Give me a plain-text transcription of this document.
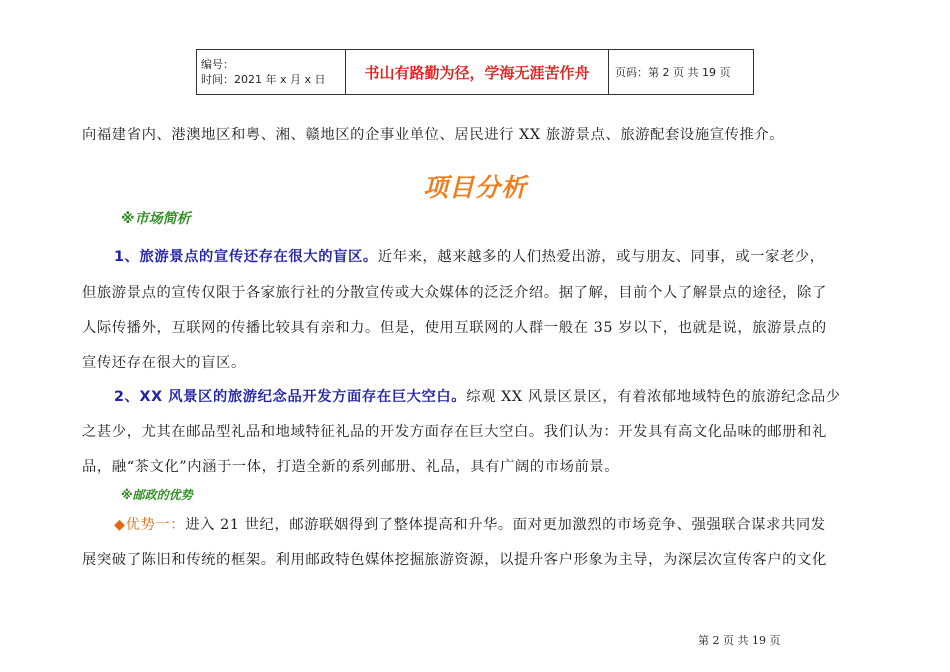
编号：
时间：2021 年 x 月 x 日	书山有路勤为径，学海无涯苦作舟	页码：第 2 页 共 19 页
向福建省内、港澳地区和粤、湘、赣地区的企事业单位、居民进行 XX 旅游景点、旅游配套设施宣传推介。
项目分析
※市场简析
1、旅游景点的宣传还存在很大的盲区。近年来，越来越多的人们热爱出游，或与朋友、同事，或一家老少，
但旅游景点的宣传仅限于各家旅行社的分散宣传或大众媒体的泛泛介绍。据了解，目前个人了解景点的途径，除了
人际传播外，互联网的传播比较具有亲和力。但是，使用互联网的人群一般在 35 岁以下，也就是说，旅游景点的
宣传还存在很大的盲区。
2、XX 风景区的旅游纪念品开发方面存在巨大空白。综观 XX 风景区景区，有着浓郁地域特色的旅游纪念品少
之甚少，尤其在邮品型礼品和地域特征礼品的开发方面存在巨大空白。我们认为：开发具有高文化品味的邮册和礼
品，融“茶文化”内涵于一体，打造全新的系列邮册、礼品，具有广阔的市场前景。
※邮政的优势
◆优势一：进入 21 世纪，邮游联姻得到了整体提高和升华。面对更加激烈的市场竞争、强强联合谋求共同发
展突破了陈旧和传统的框架。利用邮政特色媒体挖掘旅游资源，以提升客户形象为主导，为深层次宣传客户的文化
第 2 页 共 19 页
